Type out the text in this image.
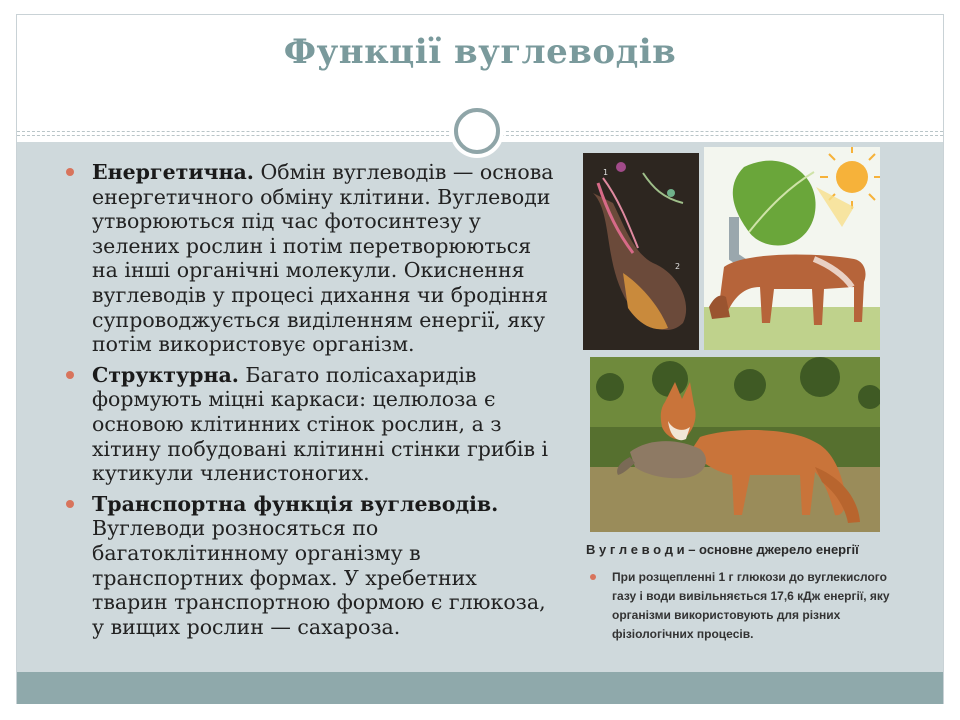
Функції вуглеводів
Енергетична. Обмін вуглеводів — основа енергетичного обміну клітини. Вуглеводи утворюються під час фотосинтезу у зелених рослин і потім перетворюються на інші органічні молекули. Окиснення вуглеводів у процесі дихання чи бродіння супроводжується виділенням енергії, яку потім використовує організм.
Структурна. Багато полісахаридів формують міцні каркаси: целюлоза є основою клітинних стінок рослин, а з хітину побудовані клітинні стінки грибів і кутикули членистоногих.
Транспортна функція вуглеводів. Вуглеводи розносяться по багатоклітинному організму в транспортних формах. У хребетних тварин транспортною формою є глюкоза, у вищих рослин — сахароза.
1
2
В у г л е в о д и – основне джерело енергії
При розщепленні 1 г глюкози до вуглекислого газу і води вивільняється 17,6 кДж енергії, яку організми використовують для різних фізіологічних процесів.
